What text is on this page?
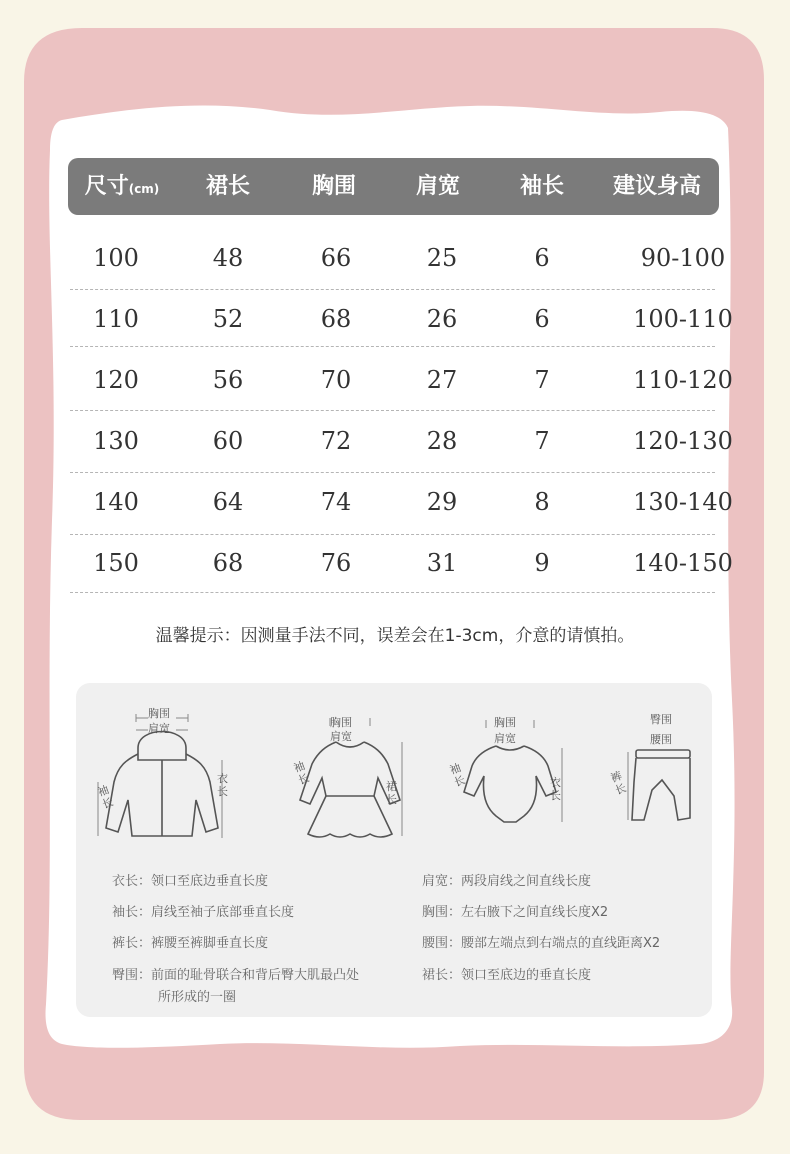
尺寸(cm)	裙长	胸围	肩宽	袖长	建议身高
100	48	66	25	6	90-100
110	52	68	26	6	100-110
120	56	70	27	7	110-120
130	60	72	28	7	120-130
140	64	74	29	8	130-140
150	68	76	31	9	140-150
温馨提示：因测量手法不同，误差会在1-3cm，介意的请慎拍。
胸围
肩宽
衣长
袖长
胸围
肩宽
裙长
袖长
胸围
肩宽
衣长
袖长
臀围
腰围
裤长
衣长：领口至底边垂直长度
袖长：肩线至袖子底部垂直长度
裤长：裤腰至裤脚垂直长度
臀围：前面的耻骨联合和背后臀大肌最凸处
所形成的一圈
肩宽：两段肩线之间直线长度
胸围：左右腋下之间直线长度X2
腰围：腰部左端点到右端点的直线距离X2
裙长：领口至底边的垂直长度
